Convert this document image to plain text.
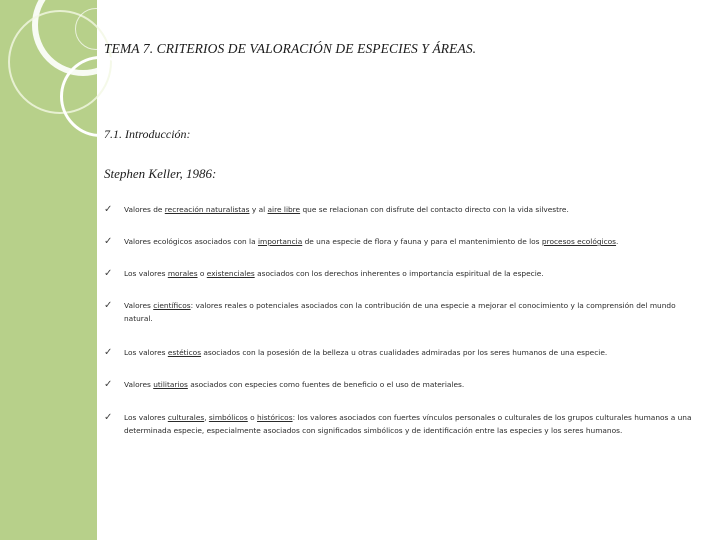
TEMA 7. CRITERIOS DE VALORACIÓN DE ESPECIES Y ÁREAS.
7.1. Introducción:
Stephen Keller, 1986:
✓ Valores de recreación naturalistas y al aire libre que se relacionan con disfrute del contacto directo con la vida silvestre.
✓ Valores ecológicos asociados con la importancia de una especie de flora y fauna y para el mantenimiento de los procesos ecológicos.
✓ Los valores morales o existenciales asociados con los derechos inherentes o importancia espiritual de la especie.
✓ Valores científicos: valores reales o potenciales asociados con la contribución de una especie a mejorar el conocimiento y la comprensión del mundo natural.
✓ Los valores estéticos asociados con la posesión de la belleza u otras cualidades admiradas por los seres humanos de una especie.
✓ Valores utilitarios asociados con especies como fuentes de beneficio o el uso de materiales.
✓ Los valores culturales, simbólicos o históricos: los valores asociados con fuertes vínculos personales o culturales de los grupos culturales humanos a una determinada especie, especialmente asociados con significados simbólicos y de identificación entre las especies y los seres humanos.
